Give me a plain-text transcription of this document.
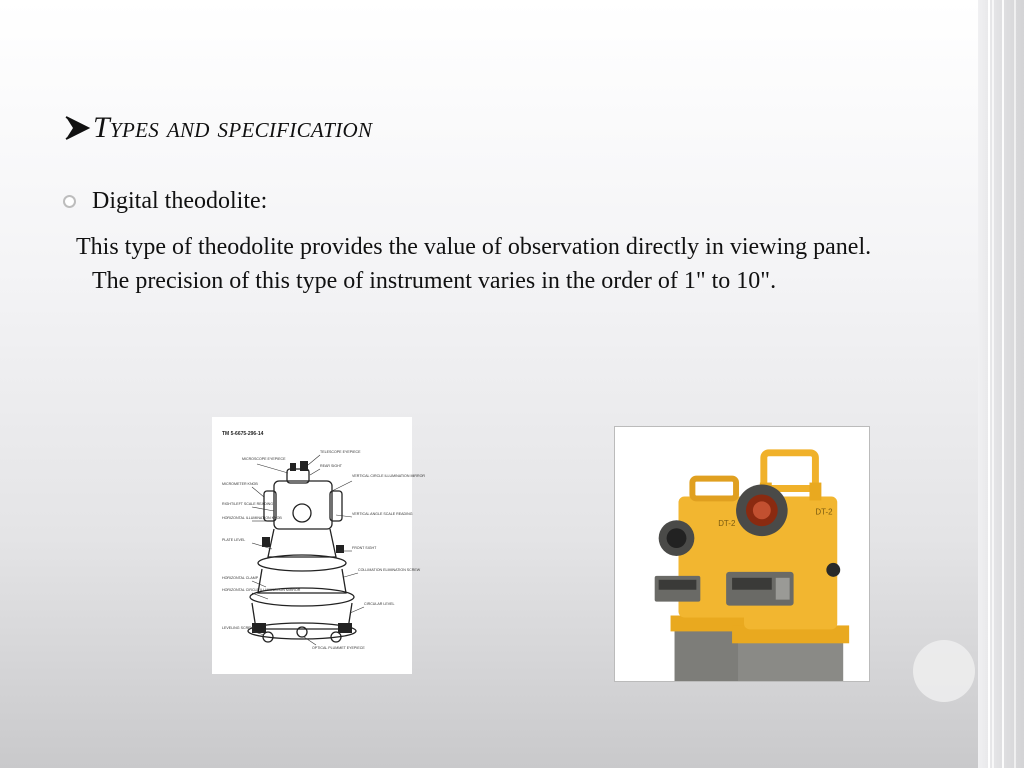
Types and specification
Digital theodolite:
This type of theodolite provides the value of observation directly in viewing panel. The precision of this type of instrument varies in the order of 1" to 10".
TM 5-6675-296-14
TELESCOPE EYEPIECE
MICROSCOPE EYEPIECE
REAR SIGHT
VERTICAL CIRCLE ILLUMINATION MIRROR
MICROMETER KNOB
RIGHT/LEFT SCALE READING
HORIZONTAL ILLUMINATION KNOB
VERTICAL ANGLE SCALE READING
PLATE LEVEL
FRONT SIGHT
COLLIMATION ELIMINATION SCREW
HORIZONTAL CLAMP
HORIZONTAL CIRCLE ILLUMINATION MIRROR
CIRCULAR LEVEL
LEVELING SCREW
OPTICAL PLUMMET EYEPIECE
DT-2
DT-2
